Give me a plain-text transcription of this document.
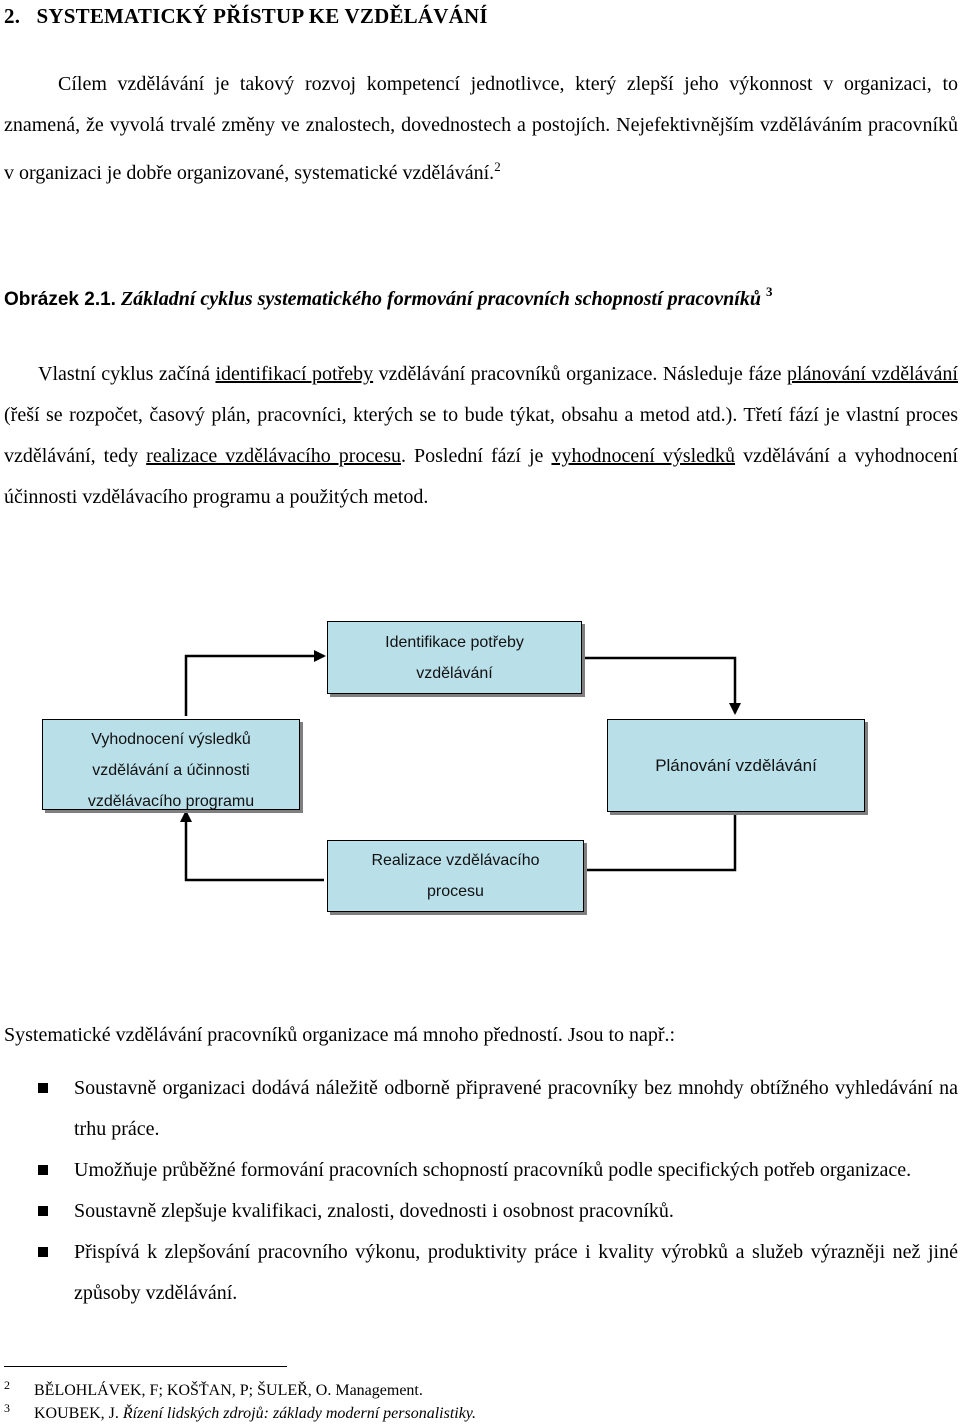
2.   SYSTEMATICKÝ PŘÍSTUP KE VZDĚLÁVÁNÍ

Cílem vzdělávání je takový rozvoj kompetencí jednotlivce, který zlepší jeho výkonnost v organizaci, to znamená, že vyvolá trvalé změny ve znalostech, dovednostech a postojích. Nejefektivnějším vzděláváním pracovníků v organizaci je dobře organizované, systematické vzdělávání.$^2$

Obrázek 2.1. Základní cyklus systematického formování pracovních schopností pracovníků $^3$

Vlastní cyklus začíná identifikací potřeby vzdělávání pracovníků organizace. Následuje fáze plánování vzdělávání (řeší se rozpočet, časový plán, pracovníci, kterých se to bude týkat, obsahu a metod atd.). Třetí fází je vlastní proces vzdělávání, tedy realizace vzdělávacího procesu. Poslední fází je vyhodnocení výsledků vzdělávání a vyhodnocení účinnosti vzdělávacího programu a použitých metod.

Identifikace potřeby
vzdělávání
Plánování vzdělávání
Realizace vzdělávacího
procesu
Vyhodnocení výsledků
vzdělávání a účinnosti
vzdělávacího programu

Systematické vzdělávání pracovníků organizace má mnoho předností. Jsou to např.:

Soustavně organizaci dodává náležitě odborně připravené pracovníky bez mnohdy obtížného vyhledávání na trhu práce.
Umožňuje průběžné formování pracovních schopností pracovníků podle specifických potřeb organizace.
Soustavně zlepšuje kvalifikaci, znalosti, dovednosti i osobnost pracovníků.
Přispívá k zlepšování pracovního výkonu, produktivity práce i kvality výrobků a služeb výrazněji než jiné způsoby vzdělávání.
2 BĚLOHLÁVEK, F; KOŠŤAN, P; ŠULEŘ, O. Management.
3 KOUBEK, J. Řízení lidských zdrojů: základy moderní personalistiky.
